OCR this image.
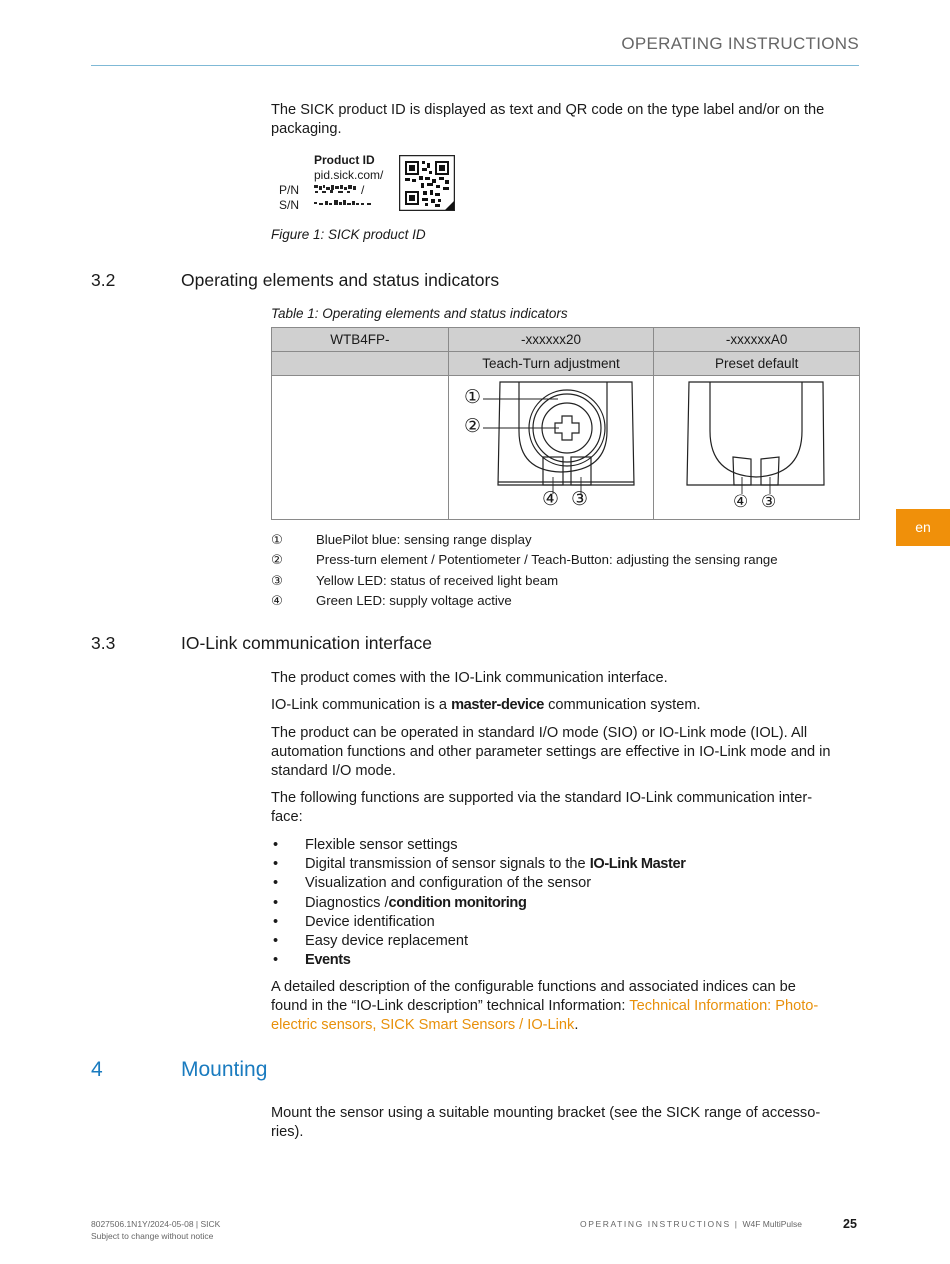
OPERATING INSTRUCTIONS
The SICK product ID is displayed as text and QR code on the type label and/or on the packaging.
Product ID
pid.sick.com/
P/N
S/N
/
Figure 1: SICK product ID
3.2	Operating elements and status indicators
Table 1: Operating elements and status indicators
WTB4FP-	-xxxxxx20	-xxxxxxA0
	Teach-Turn adjustment	Preset default

①
②
④ ③	④ ③
①	BluePilot blue: sensing range display
②	Press-turn element / Potentiometer / Teach-Button: adjusting the sensing range
③	Yellow LED: status of received light beam
④	Green LED: supply voltage active
en
3.3	IO-Link communication interface
The product comes with the IO-Link communication interface.
IO-Link communication is a master-device communication system.
The product can be operated in standard I/O mode (SIO) or IO-Link mode (IOL). All automation functions and other parameter settings are effective in IO-Link mode and in standard I/O mode.
The following functions are supported via the standard IO-Link communication inter-
face:
• Flexible sensor settings
• Digital transmission of sensor signals to the IO-Link Master
• Visualization and configuration of the sensor
• Diagnostics /condition monitoring
• Device identification
• Easy device replacement
• Events
A detailed description of the configurable functions and associated indices can be
found in the “IO-Link description” technical Information: Technical Information: Photo-
electric sensors, SICK Smart Sensors / IO-Link.
4	Mounting
Mount the sensor using a suitable mounting bracket (see the SICK range of accesso-
ries).
8027506.1N1Y/2024-05-08 | SICK
Subject to change without notice
OPERATING INSTRUCTIONS | W4F MultiPulse	25
